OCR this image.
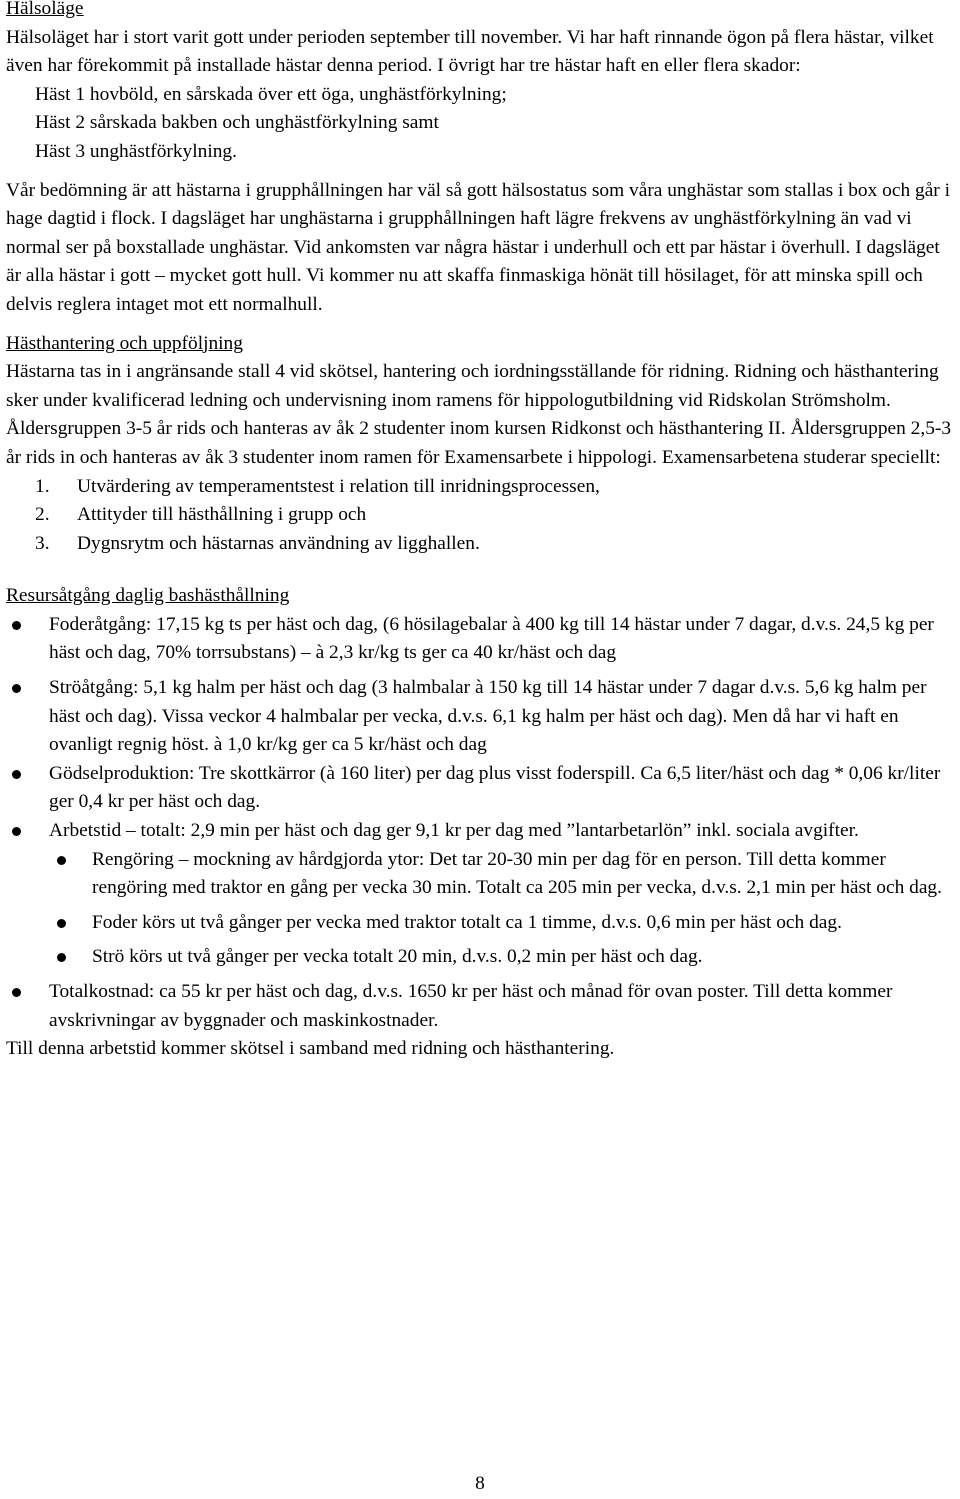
Hälsoläge

Hälsoläget har i stort varit gott under perioden september till november. Vi har haft rinnande ögon på flera hästar, vilket även har förekommit på installade hästar denna period. I övrigt har tre hästar haft en eller flera skador:

Häst 1 hovböld, en sårskada över ett öga, unghästförkylning;

Häst 2 sårskada bakben och unghästförkylning samt

Häst 3 unghästförkylning.

Vår bedömning är att hästarna i grupphållningen har väl så gott hälsostatus som våra unghästar som stallas i box och går i hage dagtid i flock. I dagsläget har unghästarna i grupphållningen haft lägre frekvens av unghästförkylning än vad vi normal ser på boxstallade unghästar. Vid ankomsten var några hästar i underhull och ett par hästar i överhull. I dagsläget är alla hästar i gott – mycket gott hull. Vi kommer nu att skaffa finmaskiga hönät till hösilaget, för att minska spill och delvis reglera intaget mot ett normalhull.

Hästhantering och uppföljning

Hästarna tas in i angränsande stall 4 vid skötsel, hantering och iordningsställande för ridning. Ridning och hästhantering sker under kvalificerad ledning och undervisning inom ramens för hippologutbildning vid Ridskolan Strömsholm. Åldersgruppen 3-5 år rids och hanteras av åk 2 studenter inom kursen Ridkonst och hästhantering II. Åldersgruppen 2,5-3 år rids in och hanteras av åk 3 studenter inom ramen för Examensarbete i hippologi. Examensarbetena studerar speciellt:

1. Utvärdering av temperamentstest i relation till inridningsprocessen,
2. Attityder till hästhållning i grupp och
3. Dygnsrytm och hästarnas användning av ligghallen.

Resursåtgång daglig bashästhållning

Foderåtgång: 17,15 kg ts per häst och dag, (6 hösilagebalar à 400 kg till 14 hästar under 7 dagar, d.v.s. 24,5 kg per häst och dag, 70% torrsubstans) – à 2,3 kr/kg ts ger ca 40 kr/häst och dag
Ströåtgång: 5,1 kg halm per häst och dag (3 halmbalar à 150 kg till 14 hästar under 7 dagar d.v.s. 5,6 kg halm per häst och dag). Vissa veckor 4 halmbalar per vecka, d.v.s. 6,1 kg halm per häst och dag). Men då har vi haft en ovanligt regnig höst. à 1,0 kr/kg ger ca 5 kr/häst och dag
Gödselproduktion: Tre skottkärror (à 160 liter) per dag plus visst foderspill. Ca 6,5 liter/häst och dag * 0,06 kr/liter ger 0,4 kr per häst och dag.
Arbetstid – totalt: 2,9 min per häst och dag ger 9,1 kr per dag med ”lantarbetarlön” inkl. sociala avgifter.
Rengöring – mockning av hårdgjorda ytor: Det tar 20-30 min per dag för en person. Till detta kommer rengöring med traktor en gång per vecka 30 min. Totalt ca 205 min per vecka, d.v.s. 2,1 min per häst och dag.
Foder körs ut två gånger per vecka med traktor totalt ca 1 timme, d.v.s. 0,6 min per häst och dag.
Strö körs ut två gånger per vecka totalt 20 min, d.v.s. 0,2 min per häst och dag.
Totalkostnad: ca 55 kr per häst och dag, d.v.s. 1650 kr per häst och månad för ovan poster. Till detta kommer avskrivningar av byggnader och maskinkostnader.

Till denna arbetstid kommer skötsel i samband med ridning och hästhantering.

8
